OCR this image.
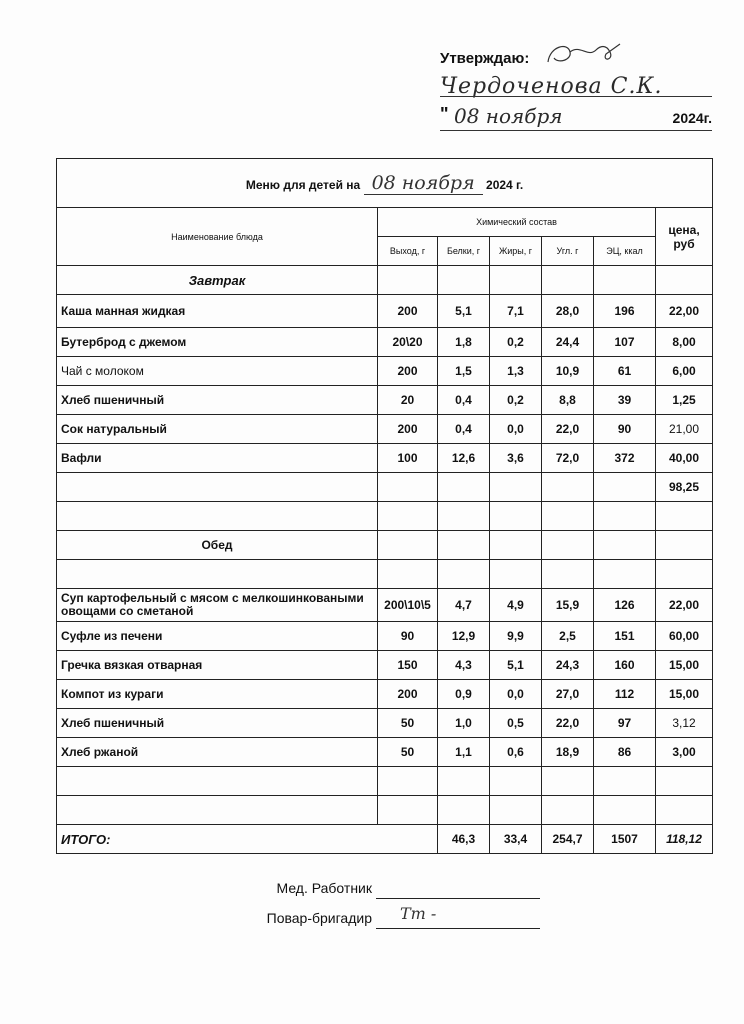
Утверждаю:
Чердоченова С.К.
" 08 ноября	2024г.
Меню для детей на 08 ноября 2024 г.						
Наименование блюда	Химический состав					цена, руб
	Выход, г	Белки, г	Жиры, г	Угл. г	ЭЦ, ккал	
Завтрак						
Каша манная жидкая	200	5,1	7,1	28,0	196	22,00
Бутерброд с джемом	20\20	1,8	0,2	24,4	107	8,00
Чай с молоком	200	1,5	1,3	10,9	61	6,00
Хлеб пшеничный	20	0,4	0,2	8,8	39	1,25
Сок натуральный	200	0,4	0,0	22,0	90	21,00
Вафли	100	12,6	3,6	72,0	372	40,00
						98,25

Обед						

Суп картофельный с мясом с мелкошинковаными овощами со сметаной	200\10\5	4,7	4,9	15,9	126	22,00
Суфле из печени	90	12,9	9,9	2,5	151	60,00
Гречка вязкая отварная	150	4,3	5,1	24,3	160	15,00
Компот из кураги	200	0,9	0,0	27,0	112	15,00
Хлеб пшеничный	50	1,0	0,5	22,0	97	3,12
Хлеб ржаной	50	1,1	0,6	18,9	86	3,00

ИТОГО:		46,3	33,4	254,7	1507	118,12
Мед. Работник
Повар-бригадир Тт -
